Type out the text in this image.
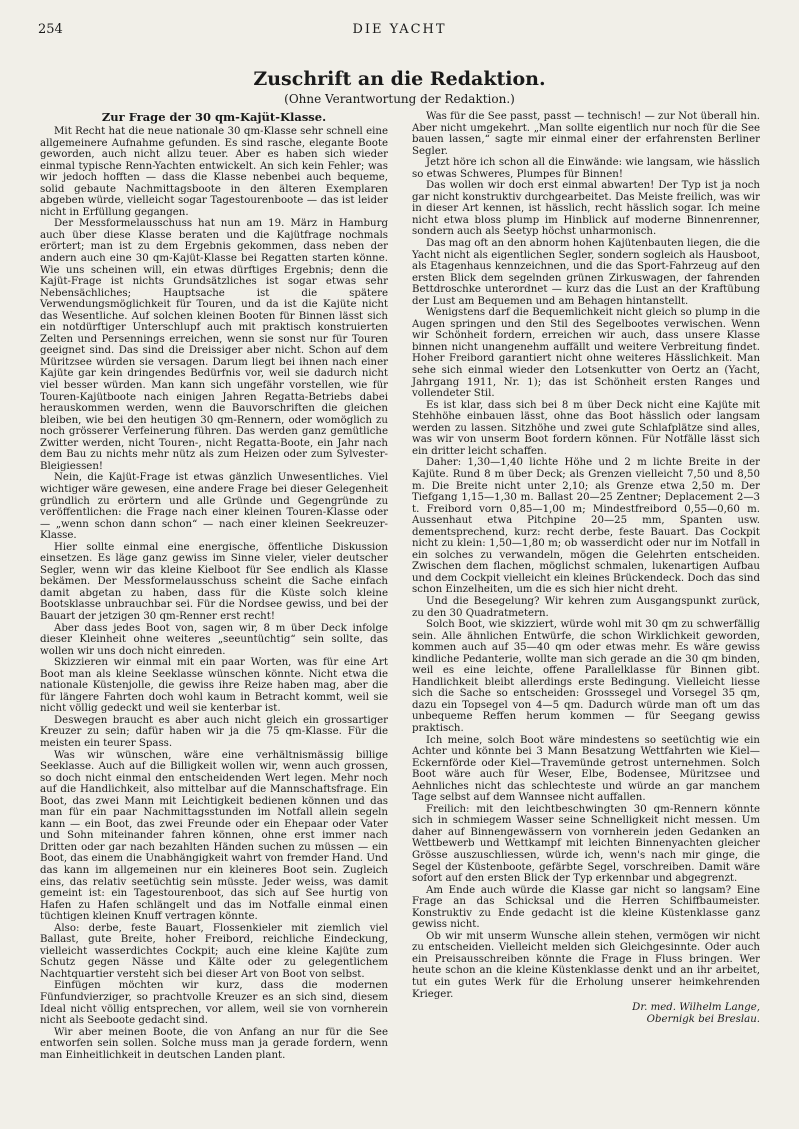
254	DIE YACHT
Zuschrift an die Redaktion.
(Ohne Verantwortung der Redaktion.)

Zur Frage der 30 qm-Kajüt-Klasse.

Mit Recht hat die neue nationale 30 qm-Klasse sehr schnell eine allgemeinere Aufnahme gefunden. Es sind rasche, elegante Boote geworden, auch nicht allzu teuer. Aber es haben sich wieder einmal typische Renn-Yachten entwickelt. An sich kein Fehler; was wir jedoch hofften — dass die Klasse nebenbei auch bequeme, solid gebaute Nachmittagsboote in den älteren Exemplaren abgeben würde, vielleicht sogar Tagestourenboote — das ist leider nicht in Erfüllung gegangen.

Der Messformelausschuss hat nun am 19. März in Hamburg auch über diese Klasse beraten und die Kajütfrage nochmals erörtert; man ist zu dem Ergebnis gekommen, dass neben der andern auch eine 30 qm-Kajüt-Klasse bei Regatten starten könne. Wie uns scheinen will, ein etwas dürftiges Ergebnis; denn die Kajüt-Frage ist nichts Grundsätzliches ist sogar etwas sehr Nebensächliches; Hauptsache ist die spätere Verwendungsmöglichkeit für Touren, und da ist die Kajüte nicht das Wesentliche. Auf solchen kleinen Booten für Binnen lässt sich ein notdürftiger Unterschlupf auch mit praktisch konstruierten Zelten und Persennings erreichen, wenn sie sonst nur für Touren geeignet sind. Das sind die Dreissiger aber nicht. Schon auf dem Müritzsee würden sie versagen. Darum liegt bei ihnen nach einer Kajüte gar kein dringendes Bedürfnis vor, weil sie dadurch nicht viel besser würden. Man kann sich ungefähr vorstellen, wie für Touren-Kajütboote nach einigen Jahren Regatta-Betriebs dabei herauskommen werden, wenn die Bauvorschriften die gleichen bleiben, wie bei den heutigen 30 qm-Rennern, oder womöglich zu noch grösserer Verfeinerung führen. Das werden ganz gemütliche Zwitter werden, nicht Touren-, nicht Regatta-Boote, ein Jahr nach dem Bau zu nichts mehr nütz als zum Heizen oder zum Sylvester-Bleigiessen!

Nein, die Kajüt-Frage ist etwas gänzlich Unwesentliches. Viel wichtiger wäre gewesen, eine andere Frage bei dieser Gelegenheit gründlich zu erörtern und alle Gründe und Gegengründe zu veröffentlichen: die Frage nach einer kleinen Touren-Klasse oder — „wenn schon dann schon“ — nach einer kleinen Seekreuzer-Klasse.

Hier sollte einmal eine energische, öffentliche Diskussion einsetzen. Es läge ganz gewiss im Sinne vieler, vieler deutscher Segler, wenn wir das kleine Kielboot für See endlich als Klasse bekämen. Der Messformelausschuss scheint die Sache einfach damit abgetan zu haben, dass für die Küste solch kleine Bootsklasse unbrauchbar sei. Für die Nordsee gewiss, und bei der Bauart der jetzigen 30 qm-Renner erst recht!

Aber dass jedes Boot von, sagen wir, 8 m über Deck infolge dieser Kleinheit ohne weiteres „seeuntüchtig“ sein sollte, das wollen wir uns doch nicht einreden.

Skizzieren wir einmal mit ein paar Worten, was für eine Art Boot man als kleine Seeklasse wünschen könnte. Nicht etwa die nationale Küstenjolle, die gewiss ihre Reize haben mag, aber die für längere Fahrten doch wohl kaum in Betracht kommt, weil sie nicht völlig gedeckt und weil sie kenterbar ist.

Deswegen braucht es aber auch nicht gleich ein grossartiger Kreuzer zu sein; dafür haben wir ja die 75 qm-Klasse. Für die meisten ein teurer Spass.

Was wir wünschen, wäre eine verhältnismässig billige Seeklasse. Auch auf die Billigkeit wollen wir, wenn auch grossen, so doch nicht einmal den entscheidenden Wert legen. Mehr noch auf die Handlichkeit, also mittelbar auf die Mannschaftsfrage. Ein Boot, das zwei Mann mit Leichtigkeit bedienen können und das man für ein paar Nachmittagsstunden im Notfall allein segeln kann — ein Boot, das zwei Freunde oder ein Ehepaar oder Vater und Sohn miteinander fahren können, ohne erst immer nach Dritten oder gar nach bezahlten Händen suchen zu müssen — ein Boot, das einem die Unabhängigkeit wahrt von fremder Hand. Und das kann im allgemeinen nur ein kleineres Boot sein. Zugleich eins, das relativ seetüchtig sein müsste. Jeder weiss, was damit gemeint ist: ein Tagestourenboot, das sich auf See hurtig von Hafen zu Hafen schlängelt und das im Notfalle einmal einen tüchtigen kleinen Knuff vertragen könnte.

Also: derbe, feste Bauart, Flossenkieler mit ziemlich viel Ballast, gute Breite, hoher Freibord, reichliche Eindeckung, vielleicht wasserdichtes Cockpit; auch eine kleine Kajüte zum Schutz gegen Nässe und Kälte oder zu gelegentlichem Nachtquartier versteht sich bei dieser Art von Boot von selbst.

Einfügen möchten wir kurz, dass die modernen Fünfundvierziger, so prachtvolle Kreuzer es an sich sind, diesem Ideal nicht völlig entsprechen, vor allem, weil sie von vornherein nicht als Seeboote gedacht sind.

Wir aber meinen Boote, die von Anfang an nur für die See entworfen sein sollen. Solche muss man ja gerade fordern, wenn man Einheitlichkeit in deutschen Landen plant.

Was für die See passt, passt — technisch! — zur Not überall hin. Aber nicht umgekehrt. „Man sollte eigentlich nur noch für die See bauen lassen,“ sagte mir einmal einer der erfahrensten Berliner Segler.

Jetzt höre ich schon all die Einwände: wie langsam, wie hässlich so etwas Schweres, Plumpes für Binnen!

Das wollen wir doch erst einmal abwarten! Der Typ ist ja noch gar nicht konstruktiv durchgearbeitet. Das Meiste freilich, was wir in dieser Art kennen, ist hässlich, recht hässlich sogar. Ich meine nicht etwa bloss plump im Hinblick auf moderne Binnenrenner, sondern auch als Seetyp höchst unharmonisch.

Das mag oft an den abnorm hohen Kajütenbauten liegen, die die Yacht nicht als eigentlichen Segler, sondern sogleich als Hausboot, als Etagenhaus kennzeichnen, und die das Sport-Fahrzeug auf den ersten Blick dem segelnden grünen Zirkuswagen, der fahrenden Bettdroschke unterordnet — kurz das die Lust an der Kraftübung der Lust am Bequemen und am Behagen hintanstellt.

Wenigstens darf die Bequemlichkeit nicht gleich so plump in die Augen springen und den Stil des Segelbootes verwischen. Wenn wir Schönheit fordern, erreichen wir auch, dass unsere Klasse binnen nicht unangenehm auffällt und weitere Verbreitung findet. Hoher Freibord garantiert nicht ohne weiteres Hässlichkeit. Man sehe sich einmal wieder den Lotsenkutter von Oertz an (Yacht, Jahrgang 1911, Nr. 1); das ist Schönheit ersten Ranges und vollendeter Stil.

Es ist klar, dass sich bei 8 m über Deck nicht eine Kajüte mit Stehhöhe einbauen lässt, ohne das Boot hässlich oder langsam werden zu lassen. Sitzhöhe und zwei gute Schlafplätze sind alles, was wir von unserm Boot fordern können. Für Notfälle lässt sich ein dritter leicht schaffen.

Daher: 1,30—1,40 lichte Höhe und 2 m lichte Breite in der Kajüte. Rund 8 m über Deck; als Grenzen vielleicht 7,50 und 8,50 m. Die Breite nicht unter 2,10; als Grenze etwa 2,50 m. Der Tiefgang 1,15—1,30 m. Ballast 20—25 Zentner; Deplacement 2—3 t. Freibord vorn 0,85—1,00 m; Mindestfreibord 0,55—0,60 m. Aussenhaut etwa Pitchpine 20—25 mm, Spanten usw. dementsprechend, kurz: recht derbe, feste Bauart. Das Cockpit nicht zu klein: 1,50—1,80 m; ob wasserdicht oder nur im Notfall in ein solches zu verwandeln, mögen die Gelehrten entscheiden. Zwischen dem flachen, möglichst schmalen, lukenartigen Aufbau und dem Cockpit vielleicht ein kleines Brückendeck. Doch das sind schon Einzelheiten, um die es sich hier nicht dreht.

Und die Besegelung? Wir kehren zum Ausgangspunkt zurück, zu den 30 Quadratmetern.

Solch Boot, wie skizziert, würde wohl mit 30 qm zu schwerfällig sein. Alle ähnlichen Entwürfe, die schon Wirklichkeit geworden, kommen auch auf 35—40 qm oder etwas mehr. Es wäre gewiss kindliche Pedanterie, wollte man sich gerade an die 30 qm binden, weil es eine leichte, offene Parallelklasse für Binnen gibt. Handlichkeit bleibt allerdings erste Bedingung. Vielleicht liesse sich die Sache so entscheiden: Grosssegel und Vorsegel 35 qm, dazu ein Topsegel von 4—5 qm. Dadurch würde man oft um das unbequeme Reffen herum kommen — für Seegang gewiss praktisch.

Ich meine, solch Boot wäre mindestens so seetüchtig wie ein Achter und könnte bei 3 Mann Besatzung Wettfahrten wie Kiel—Eckernförde oder Kiel—Travemünde getrost unternehmen. Solch Boot wäre auch für Weser, Elbe, Bodensee, Müritzsee und Aehnliches nicht das schlechteste und würde an gar manchem Tage selbst auf dem Wannsee nicht auffallen.

Freilich: mit den leichtbeschwingten 30 qm-Rennern könnte sich in schmiegem Wasser seine Schnelligkeit nicht messen. Um daher auf Binnengewässern von vornherein jeden Gedanken an Wettbewerb und Wettkampf mit leichten Binnenyachten gleicher Grösse auszuschliessen, würde ich, wenn's nach mir ginge, die Segel der Küstenboote, gefärbte Segel, vorschreiben. Damit wäre sofort auf den ersten Blick der Typ erkennbar und abgegrenzt.

Am Ende auch würde die Klasse gar nicht so langsam? Eine Frage an das Schicksal und die Herren Schiffbaumeister. Konstruktiv zu Ende gedacht ist die kleine Küstenklasse ganz gewiss nicht.

Ob wir mit unserm Wunsche allein stehen, vermögen wir nicht zu entscheiden. Vielleicht melden sich Gleichgesinnte. Oder auch ein Preisausschreiben könnte die Frage in Fluss bringen. Wer heute schon an die kleine Küstenklasse denkt und an ihr arbeitet, tut ein gutes Werk für die Erholung unserer heimkehrenden Krieger.

Dr. med. Wilhelm Lange,
Obernigk bei Breslau.
